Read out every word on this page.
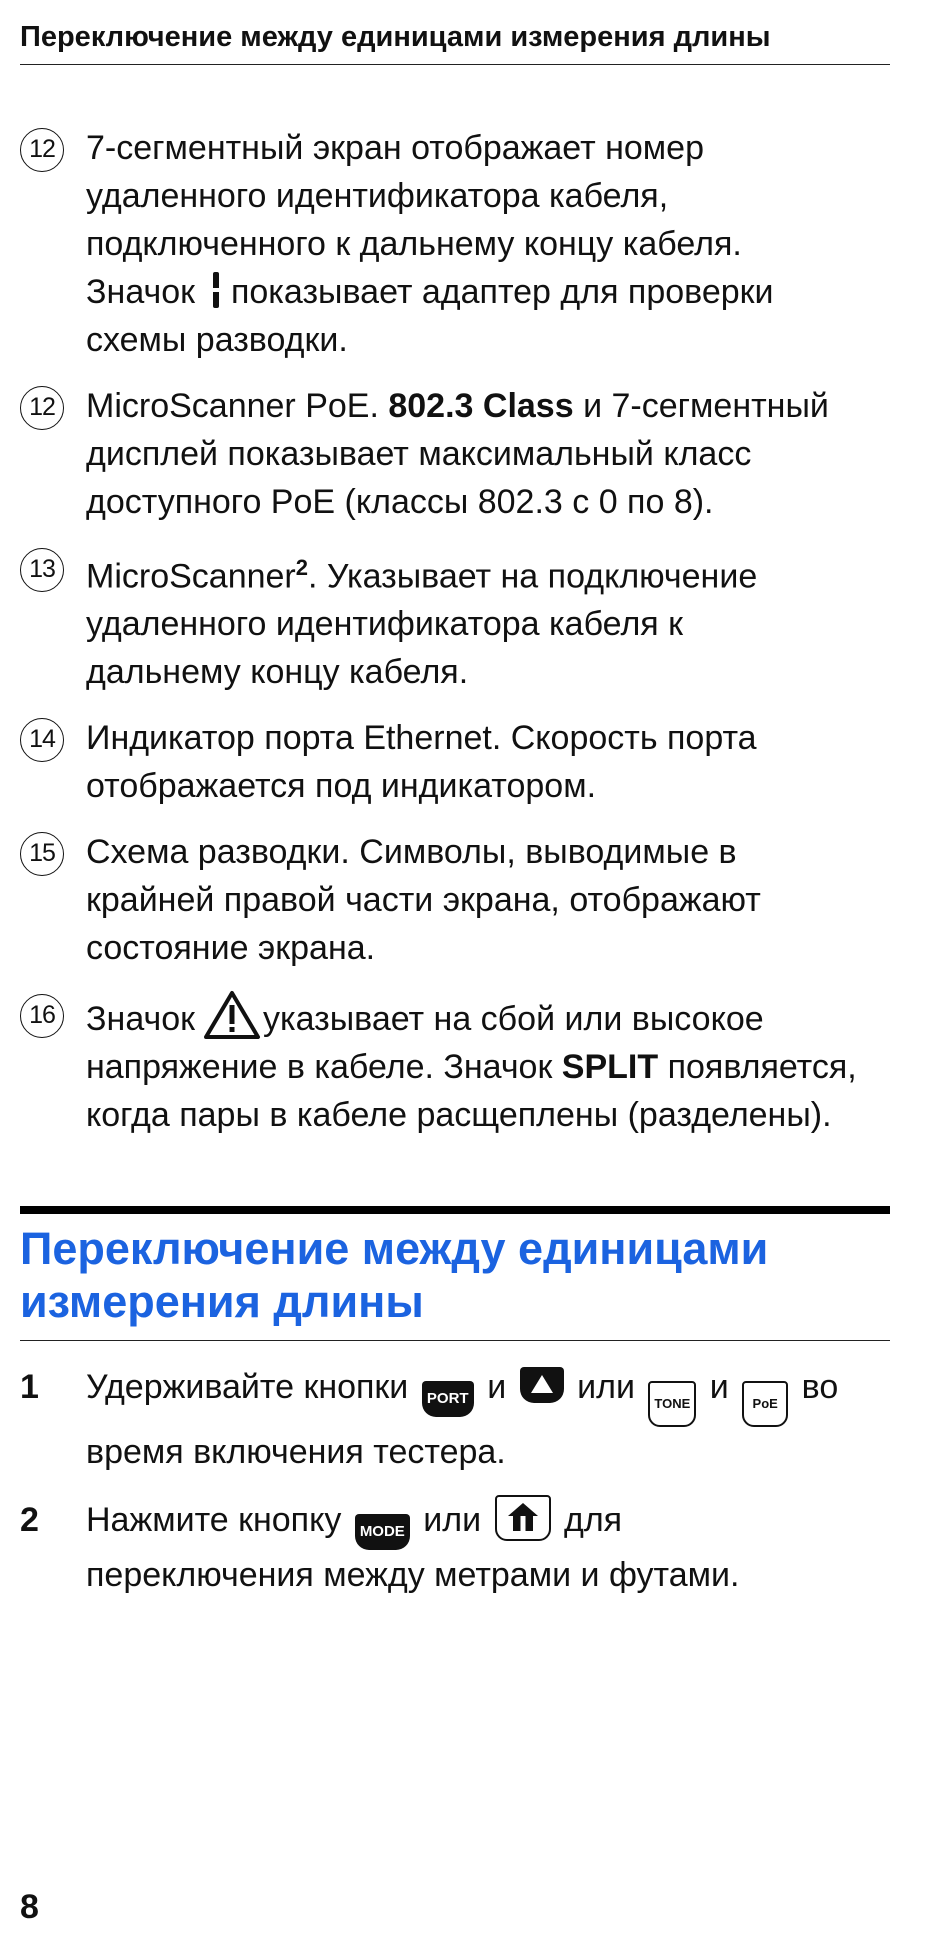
Переключение между единицами измерения длины
12 7-сегментный экран отображает номер
удаленного идентификатора кабеля,
подключенного к дальнему концу кабеля.
Значок показывает адаптер для проверки
схемы разводки.
12 MicroScanner PoE. 802.3 Class и 7-сегментный
дисплей показывает максимальный класс
доступного PoE (классы 802.3 с 0 по 8).
13 MicroScanner$^2$. Указывает на подключение
удаленного идентификатора кабеля к
дальнему концу кабеля.
14 Индикатор порта Ethernet. Скорость порта
отображается под индикатором.
15 Схема разводки. Символы, выводимые в
крайней правой части экрана, отображают
состояние экрана.
16 Значок указывает на сбой или высокое
напряжение в кабеле. Значок SPLIT появляется,
когда пары в кабеле расщеплены (разделены).
Переключение между единицами измерения длины
1 Удерживайте кнопки PORT и или TONE и PoE во
время включения тестера.
2 Нажмите кнопку MODE или для
переключения между метрами и футами.
8
